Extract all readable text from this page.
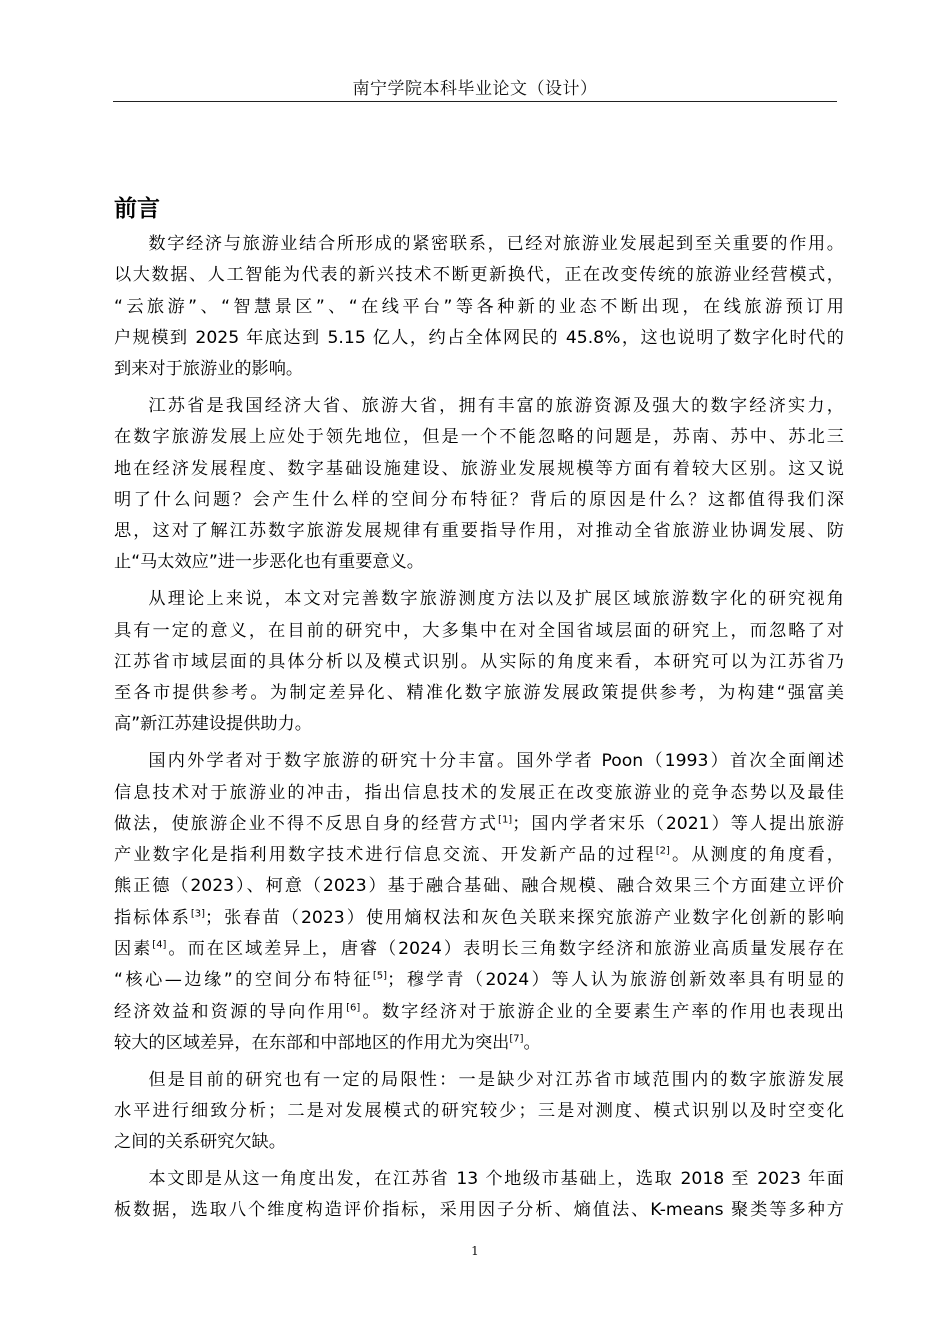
南宁学院本科毕业论文（设计）
前言
数字经济与旅游业结合所形成的紧密联系，已经对旅游业发展起到至关重要的作用。
以大数据、人工智能为代表的新兴技术不断更新换代，正在改变传统的旅游业经营模式，
“云旅游”、“智慧景区”、“在线平台”等各种新的业态不断出现，在线旅游预订用
户规模到 2025 年底达到 5.15 亿人，约占全体网民的 45.8%，这也说明了数字化时代的
到来对于旅游业的影响。
江苏省是我国经济大省、旅游大省，拥有丰富的旅游资源及强大的数字经济实力，
在数字旅游发展上应处于领先地位，但是一个不能忽略的问题是，苏南、苏中、苏北三
地在经济发展程度、数字基础设施建设、旅游业发展规模等方面有着较大区别。这又说
明了什么问题？会产生什么样的空间分布特征？背后的原因是什么？这都值得我们深
思，这对了解江苏数字旅游发展规律有重要指导作用，对推动全省旅游业协调发展、防
止“马太效应”进一步恶化也有重要意义。
从理论上来说，本文对完善数字旅游测度方法以及扩展区域旅游数字化的研究视角
具有一定的意义，在目前的研究中，大多集中在对全国省域层面的研究上，而忽略了对
江苏省市域层面的具体分析以及模式识别。从实际的角度来看，本研究可以为江苏省乃
至各市提供参考。为制定差异化、精准化数字旅游发展政策提供参考，为构建“强富美
高”新江苏建设提供助力。
国内外学者对于数字旅游的研究十分丰富。国外学者 Poon（1993）首次全面阐述
信息技术对于旅游业的冲击，指出信息技术的发展正在改变旅游业的竞争态势以及最佳
做法，使旅游企业不得不反思自身的经营方式[1]；国内学者宋乐（2021）等人提出旅游
产业数字化是指利用数字技术进行信息交流、开发新产品的过程[2]。从测度的角度看，
熊正德（2023）、柯意（2023）基于融合基础、融合规模、融合效果三个方面建立评价
指标体系[3]；张春苗（2023）使用熵权法和灰色关联来探究旅游产业数字化创新的影响
因素[4]。而在区域差异上，唐睿（2024）表明长三角数字经济和旅游业高质量发展存在
“核心—边缘”的空间分布特征[5]；穆学青（2024）等人认为旅游创新效率具有明显的
经济效益和资源的导向作用[6]。数字经济对于旅游企业的全要素生产率的作用也表现出
较大的区域差异，在东部和中部地区的作用尤为突出[7]。
但是目前的研究也有一定的局限性：一是缺少对江苏省市域范围内的数字旅游发展
水平进行细致分析；二是对发展模式的研究较少；三是对测度、模式识别以及时空变化
之间的关系研究欠缺。
本文即是从这一角度出发，在江苏省 13 个地级市基础上，选取 2018 至 2023 年面
板数据，选取八个维度构造评价指标，采用因子分析、熵值法、K-means 聚类等多种方
1
